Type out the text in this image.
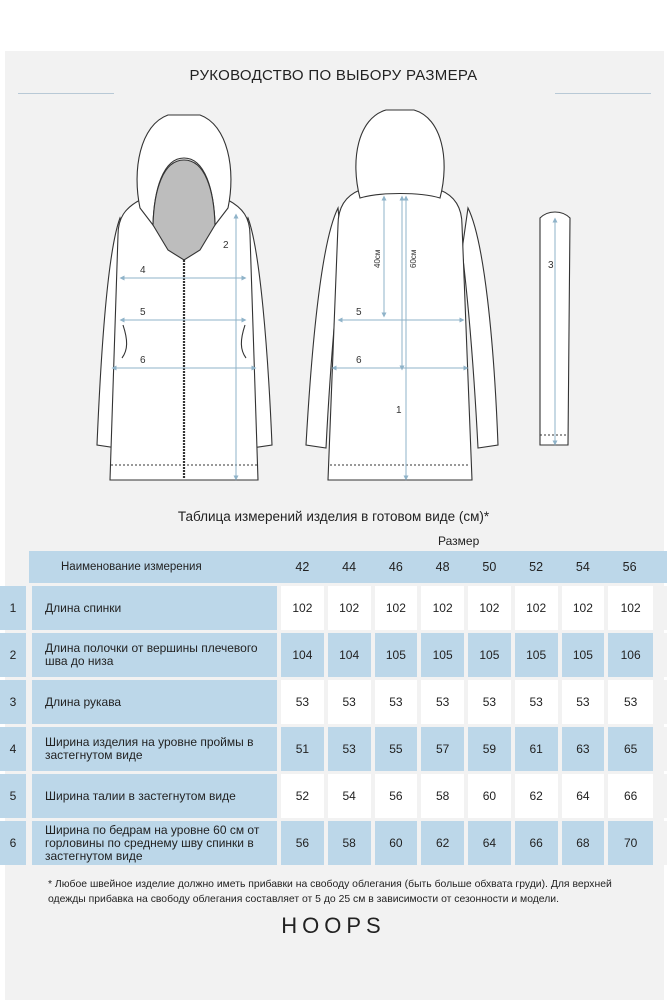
РУКОВОДСТВО ПО ВЫБОРУ РАЗМЕРА
2
4
5
6
40см	60см
5
6
1
3
Таблица измерений изделия в готовом виде (см)*
Размер
	Наименование измерения	42	44	46	48	50	52	54	56	

1	Длина спинки	102	102	102	102	102	102	102	102	

2	Длина полочки от вершины плечевого шва до низа	104	104	105	105	105	105	105	106	

3	Длина рукава	53	53	53	53	53	53	53	53	

4	Ширина изделия на уровне проймы в застегнутом виде	51	53	55	57	59	61	63	65	

5	Ширина талии в застегнутом виде	52	54	56	58	60	62	64	66	

6	Ширина по бедрам на уровне 60 см от горловины по среднему шву спинки в застегнутом виде	56	58	60	62	64	66	68	70	
* Любое швейное изделие должно иметь прибавки на свободу облегания (быть больше обхвата груди). Для верхней одежды прибавка на свободу облегания составляет от 5 до 25 см в зависимости от сезонности и модели.
HOOPS
